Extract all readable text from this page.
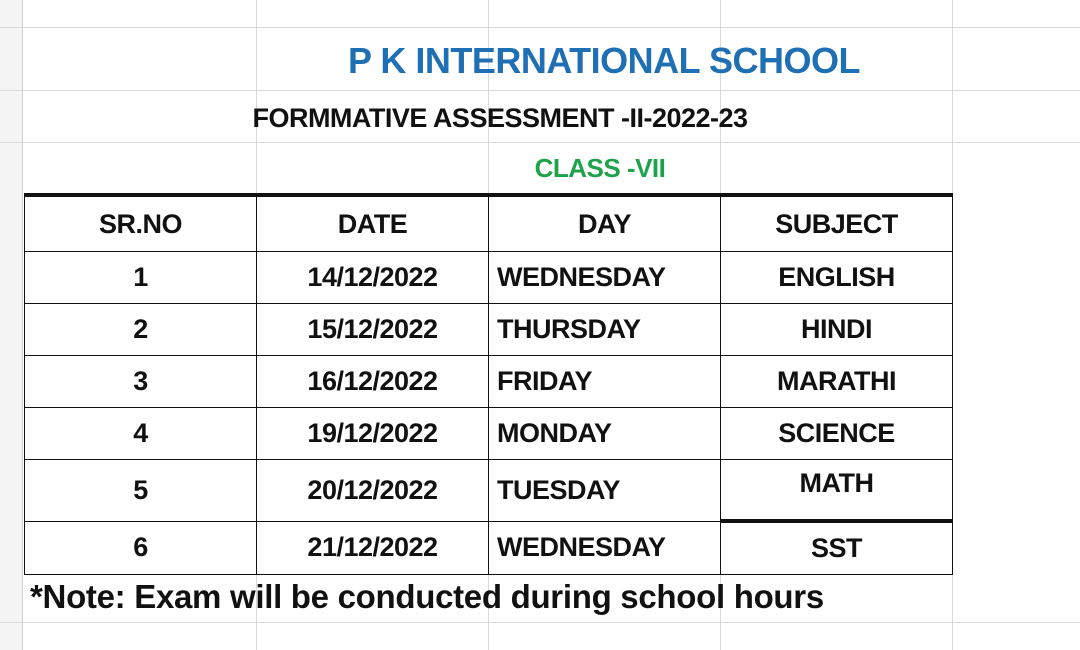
P K INTERNATIONAL SCHOOL
FORMMATIVE ASSESSMENT -II-2022-23
CLASS -VII
SR.NO	DATE	DAY	SUBJECT
1	14/12/2022	WEDNESDAY	ENGLISH
2	15/12/2022	THURSDAY	HINDI
3	16/12/2022	FRIDAY	MARATHI
4	19/12/2022	MONDAY	SCIENCE
5	20/12/2022	TUESDAY	MATH
6	21/12/2022	WEDNESDAY	SST
*Note: Exam will be conducted during school hours
